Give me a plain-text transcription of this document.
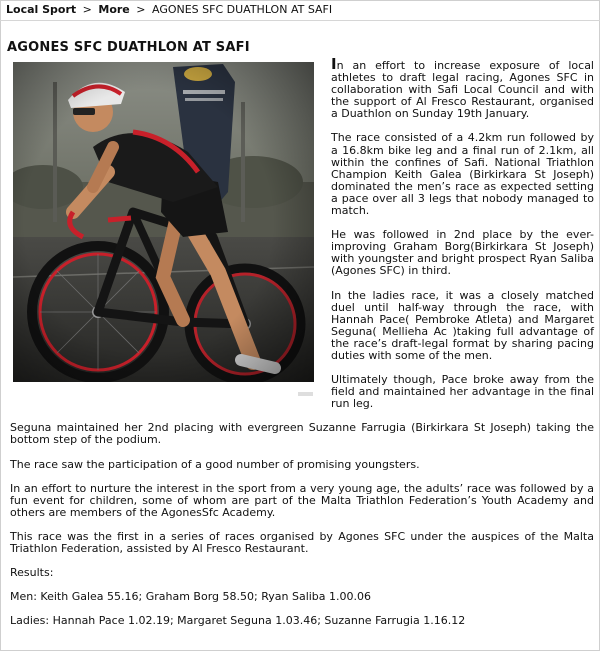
Local Sport > More > AGONES SFC DUATHLON AT SAFI
AGONES SFC DUATHLON AT SAFI

In an effort to increase exposure of local athletes to draft legal racing, Agones SFC in collaboration with Safi Local Council and with the support of Al Fresco Restaurant, organised a Duathlon on Sunday 19th January.

The race consisted of a 4.2km run followed by a 16.8km bike leg and a final run of 2.1km, all within the confines of Safi. National Triathlon Champion Keith Galea (Birkirkara St Joseph) dominated the men’s race as expected setting a pace over all 3 legs that nobody managed to match.

He was followed in 2nd place by the ever-improving Graham Borg(Birkirkara St Joseph) with youngster and bright prospect Ryan Saliba (Agones SFC) in third.

In the ladies race, it was a closely matched duel until half-way through the race, with Hannah Pace( Pembroke Atleta) and Margaret Seguna( Mellieha Ac )taking full advantage of the race’s draft-legal format by sharing pacing duties with some of the men.

Ultimately though, Pace broke away from the field and maintained her advantage in the final run leg.

Seguna maintained her 2nd placing with evergreen Suzanne Farrugia (Birkirkara St Joseph) taking the bottom step of the podium.

The race saw the participation of a good number of promising youngsters.

In an effort to nurture the interest in the sport from a very young age, the adults’ race was followed by a fun event for children, some of whom are part of the Malta Triathlon Federation’s Youth Academy and others are members of the AgonesSfc Academy.

This race was the first in a series of races organised by Agones SFC under the auspices of the Malta Triathlon Federation, assisted by Al Fresco Restaurant.

Results:

Men: Keith Galea 55.16; Graham Borg 58.50; Ryan Saliba 1.00.06

Ladies: Hannah Pace 1.02.19; Margaret Seguna 1.03.46; Suzanne Farrugia 1.16.12
